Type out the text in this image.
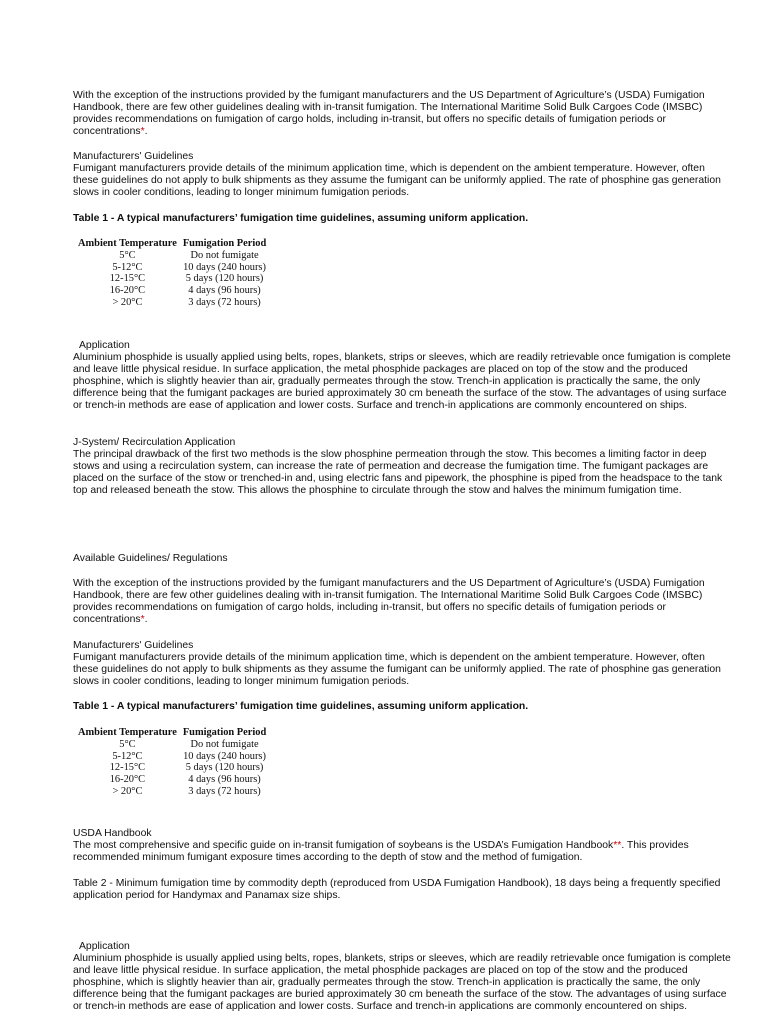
With the exception of the instructions provided by the fumigant manufacturers and the US Department of Agriculture’s (USDA) Fumigation Handbook, there are few other guidelines dealing with in-transit fumigation. The International Maritime Solid Bulk Cargoes Code (IMSBC) provides recommendations on fumigation of cargo holds, including in-transit, but offers no specific details of fumigation periods or concentrations*.

Manufacturers' Guidelines
Fumigant manufacturers provide details of the minimum application time, which is dependent on the ambient temperature. However, often these guidelines do not apply to bulk shipments as they assume the fumigant can be uniformly applied. The rate of phosphine gas generation slows in cooler conditions, leading to longer minimum fumigation periods.

Table 1 - A typical manufacturers’ fumigation time guidelines, assuming uniform application.

Ambient Temperature	Fumigation Period
5°C	Do not fumigate
5-12°C	10 days (240 hours)
12-15°C	5 days (120 hours)
16-20°C	4 days (96 hours)
> 20°C	3 days (72 hours)

Application
Aluminium phosphide is usually applied using belts, ropes, blankets, strips or sleeves, which are readily retrievable once fumigation is complete and leave little physical residue. In surface application, the metal phosphide packages are placed on top of the stow and the produced phosphine, which is slightly heavier than air, gradually permeates through the stow. Trench-in application is practically the same, the only difference being that the fumigant packages are buried approximately 30 cm beneath the surface of the stow. The advantages of using surface or trench-in methods are ease of application and lower costs. Surface and trench-in applications are commonly encountered on ships.

J-System/ Recirculation Application
The principal drawback of the first two methods is the slow phosphine permeation through the stow. This becomes a limiting factor in deep stows and using a recirculation system, can increase the rate of permeation and decrease the fumigation time. The fumigant packages are placed on the surface of the stow or trenched-in and, using electric fans and pipework, the phosphine is piped from the headspace to the tank top and released beneath the stow. This allows the phosphine to circulate through the stow and halves the minimum fumigation time.

Available Guidelines/ Regulations

With the exception of the instructions provided by the fumigant manufacturers and the US Department of Agriculture’s (USDA) Fumigation Handbook, there are few other guidelines dealing with in-transit fumigation. The International Maritime Solid Bulk Cargoes Code (IMSBC) provides recommendations on fumigation of cargo holds, including in-transit, but offers no specific details of fumigation periods or concentrations*.

Manufacturers' Guidelines
Fumigant manufacturers provide details of the minimum application time, which is dependent on the ambient temperature. However, often these guidelines do not apply to bulk shipments as they assume the fumigant can be uniformly applied. The rate of phosphine gas generation slows in cooler conditions, leading to longer minimum fumigation periods.

Table 1 - A typical manufacturers’ fumigation time guidelines, assuming uniform application.

Ambient Temperature	Fumigation Period
5°C	Do not fumigate
5-12°C	10 days (240 hours)
12-15°C	5 days (120 hours)
16-20°C	4 days (96 hours)
> 20°C	3 days (72 hours)

USDA Handbook
The most comprehensive and specific guide on in-transit fumigation of soybeans is the USDA’s Fumigation Handbook**. This provides recommended minimum fumigant exposure times according to the depth of stow and the method of fumigation.

Table 2 - Minimum fumigation time by commodity depth (reproduced from USDA Fumigation Handbook), 18 days being a frequently specified application period for Handymax and Panamax size ships.

Application
Aluminium phosphide is usually applied using belts, ropes, blankets, strips or sleeves, which are readily retrievable once fumigation is complete and leave little physical residue. In surface application, the metal phosphide packages are placed on top of the stow and the produced phosphine, which is slightly heavier than air, gradually permeates through the stow. Trench-in application is practically the same, the only difference being that the fumigant packages are buried approximately 30 cm beneath the surface of the stow. The advantages of using surface or trench-in methods are ease of application and lower costs. Surface and trench-in applications are commonly encountered on ships.
